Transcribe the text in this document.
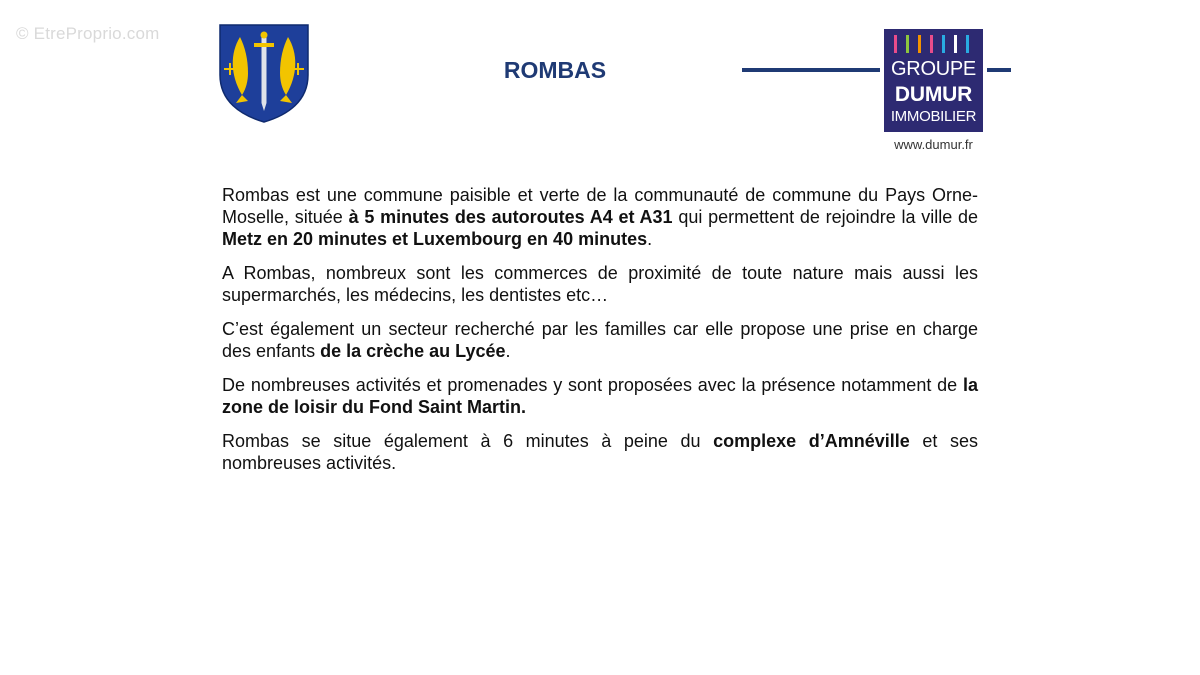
© EtreProprio.com
ROMBAS	GROUPE
DUMUR
IMMOBILIER
www.dumur.fr

Rombas est une commune paisible et verte de la communauté de commune du Pays Orne-Moselle, située à 5 minutes des autoroutes A4 et A31 qui permettent de rejoindre la ville de Metz en 20 minutes et Luxembourg en 40 minutes.

A Rombas, nombreux sont les commerces de proximité de toute nature mais aussi les supermarchés, les médecins, les dentistes etc…

C’est également un secteur recherché par les familles car elle propose une prise en charge des enfants de la crèche au Lycée.

De nombreuses activités et promenades y sont proposées avec la présence notamment de la zone de loisir du Fond Saint Martin.

Rombas se situe également à 6 minutes à peine du complexe d’Amnéville et ses nombreuses activités.
